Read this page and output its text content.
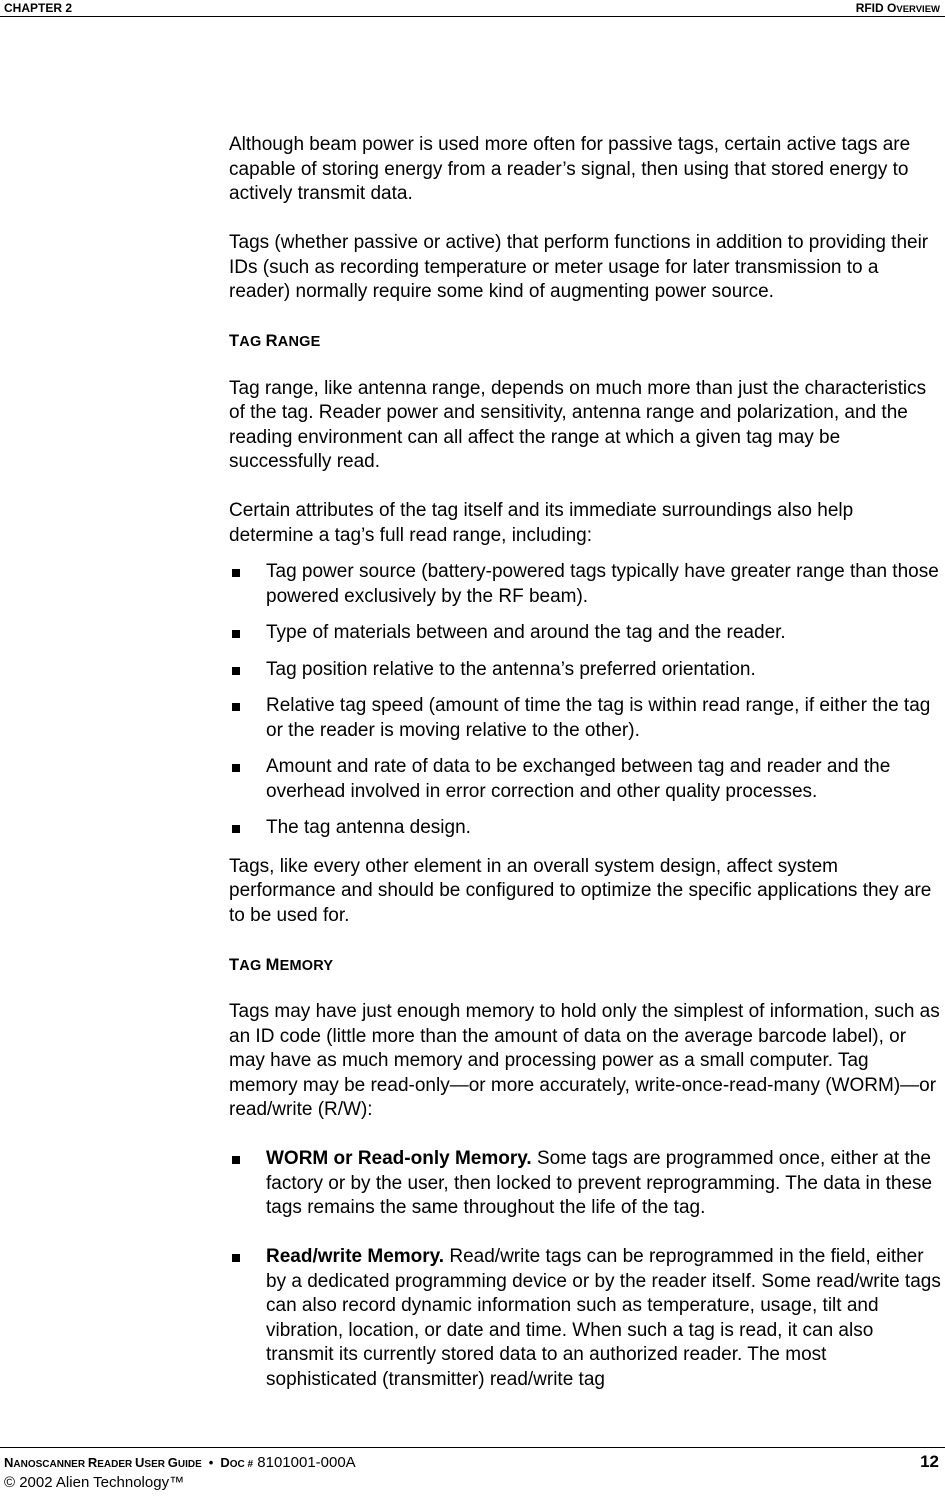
CHAPTER 2	RFID OVERVIEW

Although beam power is used more often for passive tags, certain active tags are capable of storing energy from a reader’s signal, then using that stored energy to actively transmit data.

Tags (whether passive or active) that perform functions in addition to providing their IDs (such as recording temperature or meter usage for later transmission to a reader) normally require some kind of augmenting power source.

TAG RANGE

Tag range, like antenna range, depends on much more than just the characteristics of the tag. Reader power and sensitivity, antenna range and polarization, and the reading environment can all affect the range at which a given tag may be successfully read.

Certain attributes of the tag itself and its immediate surroundings also help determine a tag’s full read range, including:

Tag power source (battery-powered tags typically have greater range than those powered exclusively by the RF beam).
Type of materials between and around the tag and the reader.
Tag position relative to the antenna’s preferred orientation.
Relative tag speed (amount of time the tag is within read range, if either the tag or the reader is moving relative to the other).
Amount and rate of data to be exchanged between tag and reader and the overhead involved in error correction and other quality processes.
The tag antenna design.

Tags, like every other element in an overall system design, affect system performance and should be configured to optimize the specific applications they are to be used for.

TAG MEMORY

Tags may have just enough memory to hold only the simplest of information, such as an ID code (little more than the amount of data on the average barcode label), or may have as much memory and processing power as a small computer. Tag memory may be read-only—or more accurately, write-once-read-many (WORM)—or read/write (R/W):

WORM or Read-only Memory. Some tags are programmed once, either at the factory or by the user, then locked to prevent reprogramming. The data in these tags remains the same throughout the life of the tag.
Read/write Memory. Read/write tags can be reprogrammed in the field, either by a dedicated programming device or by the reader itself. Some read/write tags can also record dynamic information such as temperature, usage, tilt and vibration, location, or date and time. When such a tag is read, it can also transmit its currently stored data to an authorized reader. The most sophisticated (transmitter) read/write tag
NANOSCANNER READER USER GUIDE • DOC # 8101001-000A	12
© 2002 Alien Technology™
